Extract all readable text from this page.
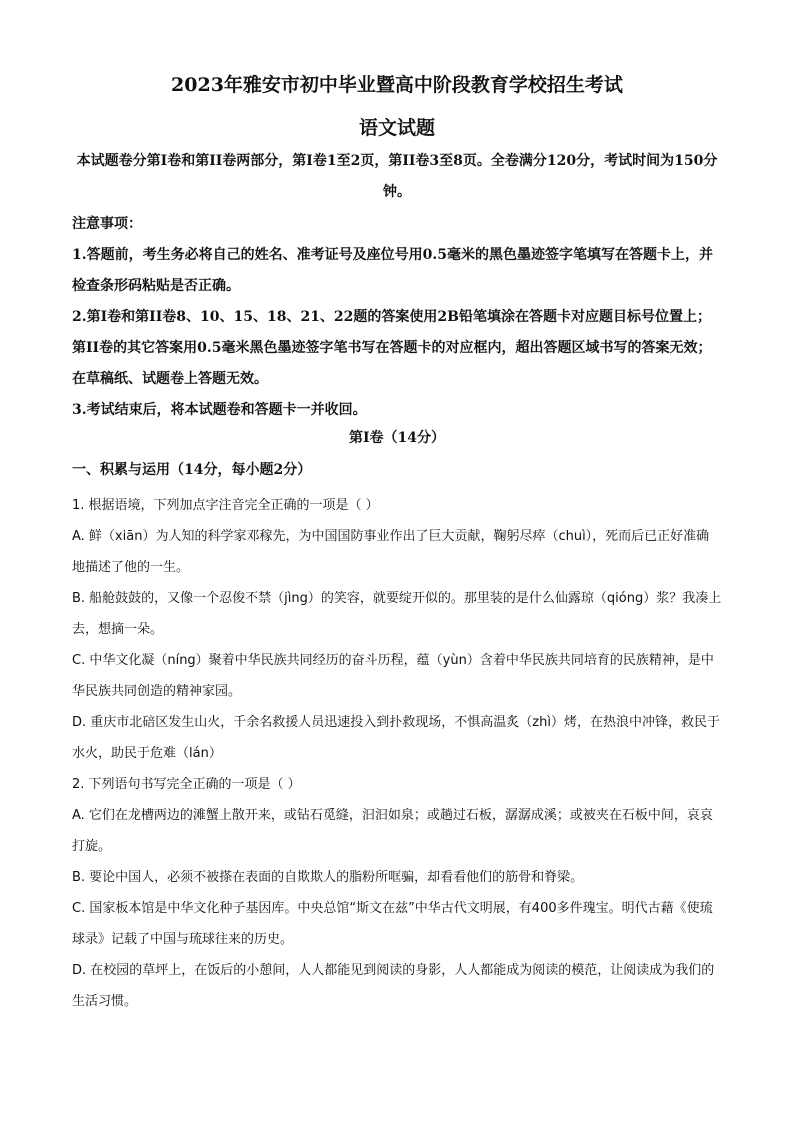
2023年雅安市初中毕业暨高中阶段教育学校招生考试
语文试题
本试题卷分第Ⅰ卷和第II卷两部分，第Ⅰ卷1至2页，第II卷3至8页。全卷满分120分，考试时间为150分钟。

注意事项：

1.答题前，考生务必将自己的姓名、准考证号及座位号用0.5毫米的黑色墨迹签字笔填写在答题卡上，并检查条形码粘贴是否正确。

2.第Ⅰ卷和第II卷8、10、15、18、21、22题的答案使用2B铅笔填涂在答题卡对应题目标号位置上；第II卷的其它答案用0.5毫米黑色墨迹签字笔书写在答题卡的对应框内，超出答题区域书写的答案无效；在草稿纸、试题卷上答题无效。

3.考试结束后，将本试题卷和答题卡一并收回。

第Ⅰ卷（14分）
一、积累与运用（14分，每小题2分）

1. 根据语境，下列加点字注音完全正确的一项是（ ）

A. 鲜（xiān）为人知的科学家邓稼先，为中国国防事业作出了巨大贡献，鞠躬尽瘁（chuì），死而后已正好准确地描述了他的一生。

B. 船舱鼓鼓的，又像一个忍俊不禁（jìng）的笑容，就要绽开似的。那里装的是什么仙露琼（qióng）浆？我凑上去，想摘一朵。

C. 中华文化凝（níng）聚着中华民族共同经历的奋斗历程，蕴（yùn）含着中华民族共同培育的民族精神，是中华民族共同创造的精神家园。

D. 重庆市北碚区发生山火，千余名救援人员迅速投入到扑救现场，不惧高温炙（zhì）烤，在热浪中冲锋，救民于水火，助民于危难（lán）

2. 下列语句书写完全正确的一项是（ ）

A. 它们在龙槽两边的滩蟹上散开来，或钻石觅缝，汩汩如泉；或趟过石板，潺潺成溪；或被夹在石板中间，哀哀打旋。

B. 要论中国人，必须不被搽在表面的自欺欺人的脂粉所哐骗，却看看他们的筋骨和脊梁。

C. 国家板本馆是中华文化种子基因库。中央总馆“斯文在兹”中华古代文明展，有400多件瑰宝。明代古藉《使琉球录》记载了中国与琉球往来的历史。

D. 在校园的草坪上，在饭后的小憩间，人人都能见到阅读的身影，人人都能成为阅读的模范，让阅读成为我们的生活习惯。
